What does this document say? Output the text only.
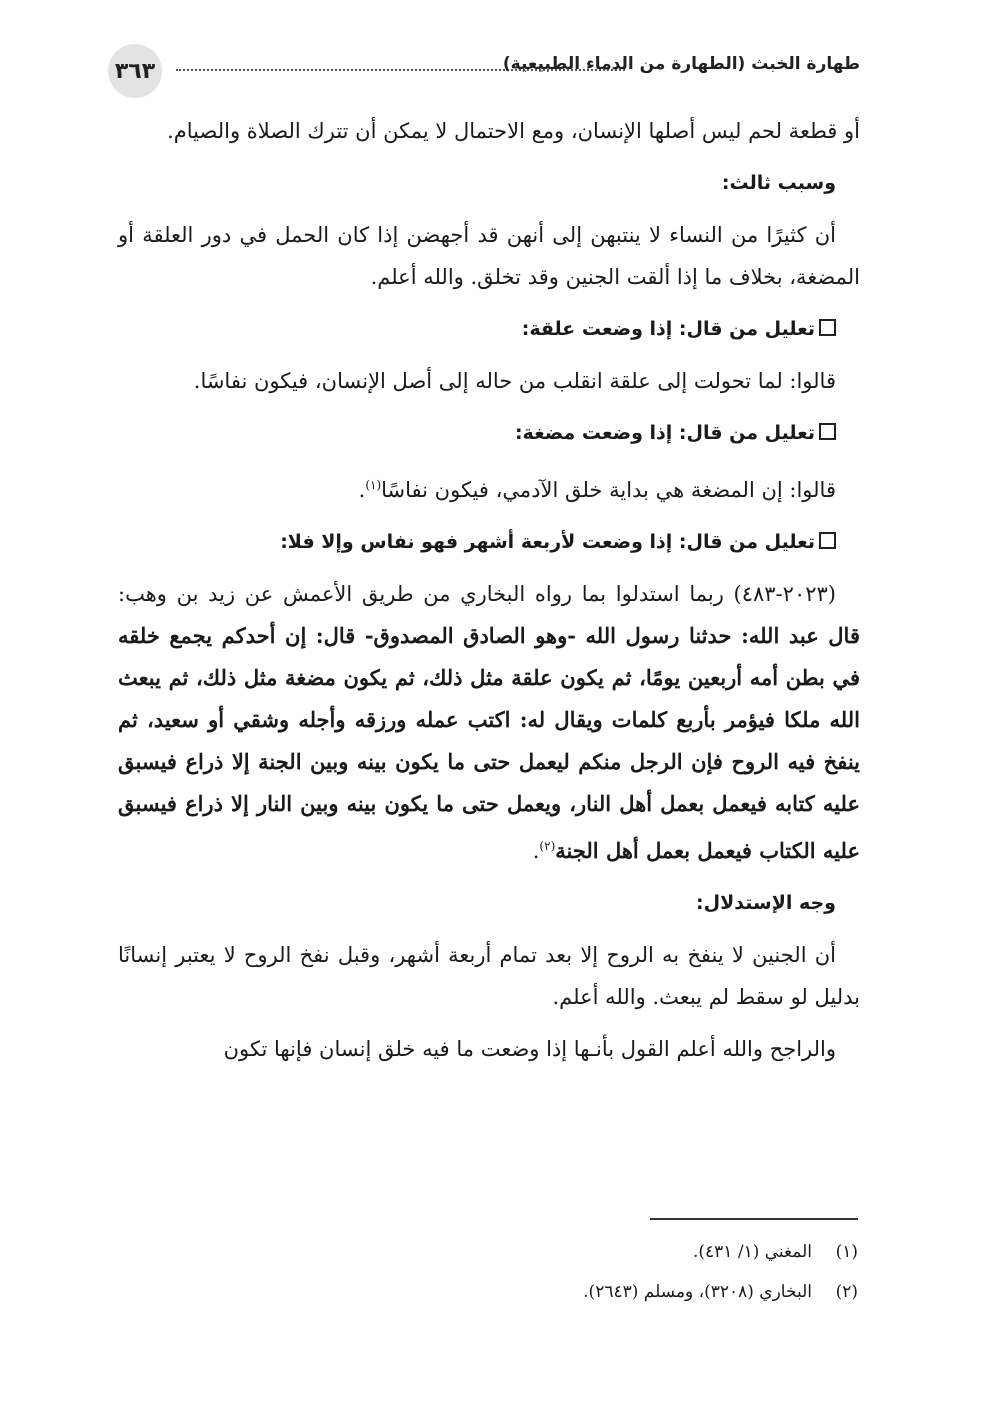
٣٦٣	طهارة الخبث (الطهارة من الدماء الطبيعية)

أو قطعة لحم ليس أصلها الإنسان، ومع الاحتمال لا يمكن أن تترك الصلاة والصيام.

وسبب ثالث:

أن كثيرًا من النساء لا ينتبهن إلى أنهن قد أجهضن إذا كان الحمل في دور العلقة أو المضغة، بخلاف ما إذا ألقت الجنين وقد تخلق. والله أعلم.

تعليل من قال: إذا وضعت علقة:

قالوا: لما تحولت إلى علقة انقلب من حاله إلى أصل الإنسان، فيكون نفاسًا.

تعليل من قال: إذا وضعت مضغة:

قالوا: إن المضغة هي بداية خلق الآدمي، فيكون نفاسًا$^{(١)}$.

تعليل من قال: إذا وضعت لأربعة أشهر فهو نفاس وإلا فلا:

(٢٠٢٣-٤٨٣) ربما استدلوا بما رواه البخاري من طريق الأعمش عن زيد بن وهب: قال عبد الله: حدثنا رسول الله -وهو الصادق المصدوق- قال: إن أحدكم يجمع خلقه في بطن أمه أربعين يومًا، ثم يكون علقة مثل ذلك، ثم يكون مضغة مثل ذلك، ثم يبعث الله ملكا فيؤمر بأربع كلمات ويقال له: اكتب عمله ورزقه وأجله وشقي أو سعيد، ثم ينفخ فيه الروح فإن الرجل منكم ليعمل حتى ما يكون بينه وبين الجنة إلا ذراع فيسبق عليه كتابه فيعمل بعمل أهل النار، ويعمل حتى ما يكون بينه وبين النار إلا ذراع فيسبق عليه الكتاب فيعمل بعمل أهل الجنة$^{(٢)}$.

وجه الإستدلال:

أن الجنين لا ينفخ به الروح إلا بعد تمام أربعة أشهر، وقبل نفخ الروح لا يعتبر إنسانًا بدليل لو سقط لم يبعث. والله أعلم.

والراجح والله أعلم القول بأنـها إذا وضعت ما فيه خلق إنسان فإنها تكون

(١)المغني (١/ ٤٣١).

(٢)البخاري (٣٢٠٨)، ومسلم (٢٦٤٣).
